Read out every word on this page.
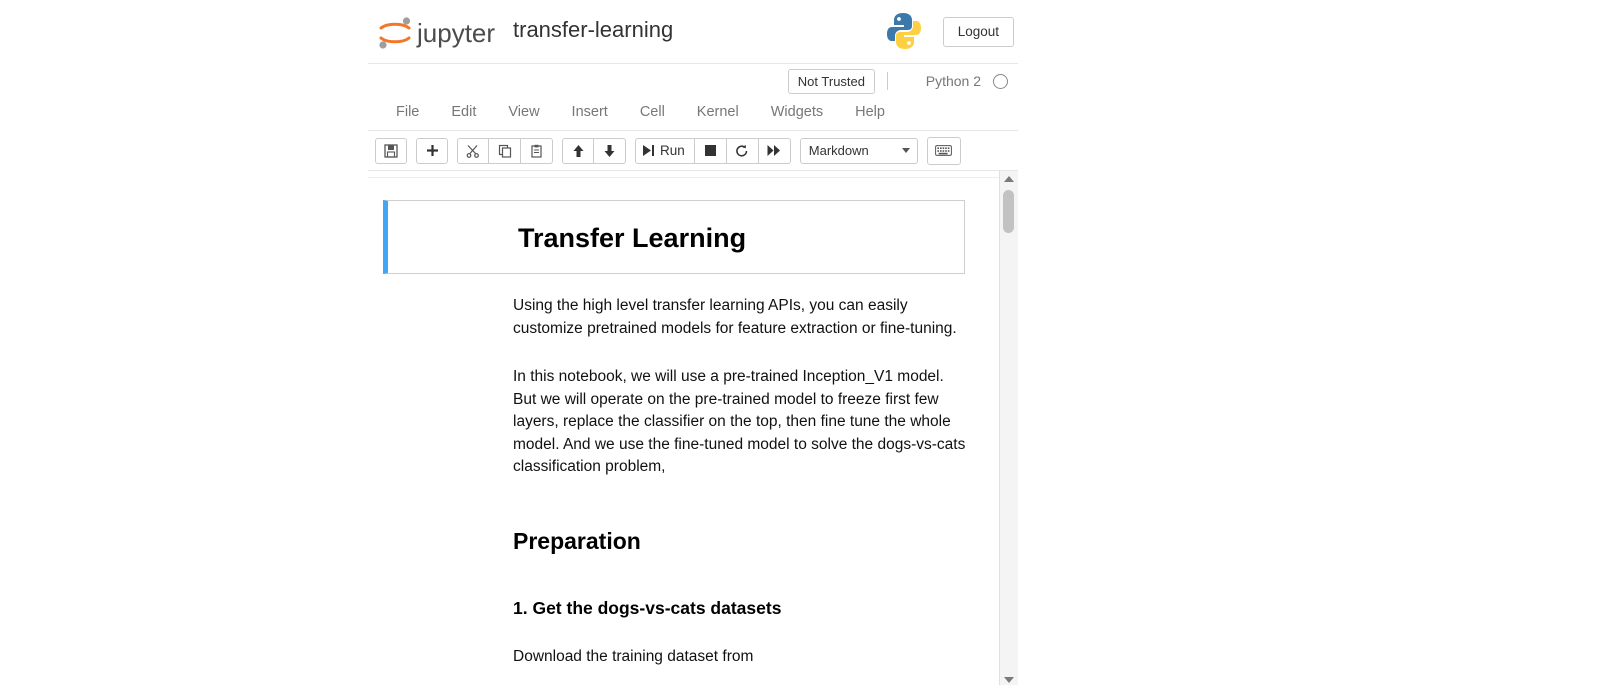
jupyter transfer-learning	Logout
Not Trusted	Python 2
File	Edit	View	Insert	Cell	Kernel	Widgets	Help
Run	Markdown
Transfer Learning

Using the high level transfer learning APIs, you can easily customize pretrained models for feature extraction or fine-tuning.

In this notebook, we will use a pre-trained Inception_V1 model. But we will operate on the pre-trained model to freeze first few layers, replace the classifier on the top, then fine tune the whole model. And we use the fine-tuned model to solve the dogs-vs-cats classification problem,

Preparation
1. Get the dogs-vs-cats datasets

Download the training dataset from
